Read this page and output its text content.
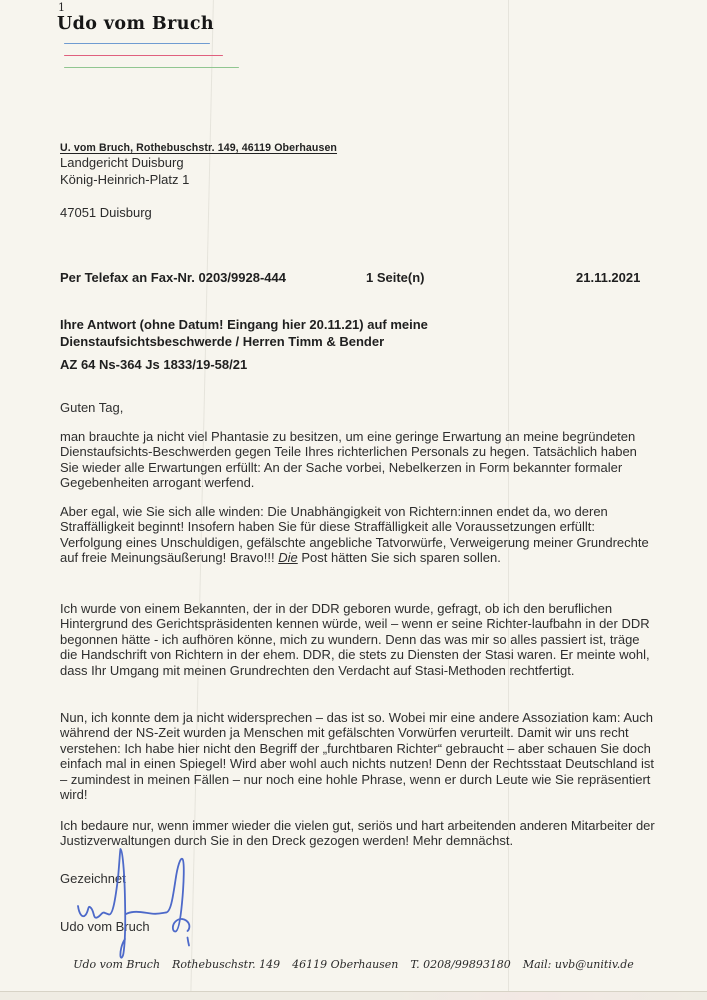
1
Udo vom Bruch
U. vom Bruch, Rothebuschstr. 149, 46119 Oberhausen
Landgericht Duisburg
König-Heinrich-Platz 1
47051 Duisburg
Per Telefax an Fax-Nr. 0203/9928-444	1 Seite(n)	21.11.2021
Ihre Antwort (ohne Datum! Eingang hier 20.11.21) auf meine
Dienstaufsichtsbeschwerde / Herren Timm & Bender
AZ 64 Ns-364 Js 1833/19-58/21
Guten Tag,

man brauchte ja nicht viel Phantasie zu besitzen, um eine geringe Erwartung an meine begründeten Dienstaufsichts-Beschwerden gegen Teile Ihres richterlichen Personals zu hegen. Tatsächlich haben Sie wieder alle Erwartungen erfüllt: An der Sache vorbei, Nebelkerzen in Form bekannter formaler Gegebenheiten arrogant werfend.

Aber egal, wie Sie sich alle winden: Die Unabhängigkeit von Richtern:innen endet da, wo deren Straffälligkeit beginnt! Insofern haben Sie für diese Straffälligkeit alle Voraussetzungen erfüllt: Verfolgung eines Unschuldigen, gefälschte angebliche Tatvorwürfe, Verweigerung meiner Grundrechte auf freie Meinungsäußerung! Bravo!!! Die Post hätten Sie sich sparen sollen.

Ich wurde von einem Bekannten, der in der DDR geboren wurde, gefragt, ob ich den beruflichen Hintergrund des Gerichtspräsidenten kennen würde, weil – wenn er seine Richter-laufbahn in der DDR begonnen hätte - ich aufhören könne, mich zu wundern. Denn das was mir so alles passiert ist, träge die Handschrift von Richtern in der ehem. DDR, die stets zu Diensten der Stasi waren. Er meinte wohl, dass Ihr Umgang mit meinen Grundrechten den Verdacht auf Stasi-Methoden rechtfertigt.

Nun, ich konnte dem ja nicht widersprechen – das ist so. Wobei mir eine andere Assoziation kam: Auch während der NS-Zeit wurden ja Menschen mit gefälschten Vorwürfen verurteilt. Damit wir uns recht verstehen: Ich habe hier nicht den Begriff der „furchtbaren Richter“ gebraucht – aber schauen Sie doch einfach mal in einen Spiegel! Wird aber wohl auch nichts nutzen! Denn der Rechtsstaat Deutschland ist – zumindest in meinen Fällen – nur noch eine hohle Phrase, wenn er durch Leute wie Sie repräsentiert wird!

Ich bedaure nur, wenn immer wieder die vielen gut, seriös und hart arbeitenden anderen Mitarbeiter der Justizverwaltungen durch Sie in den Dreck gezogen werden! Mehr demnächst.

Gezeichnet
Udo vom Bruch
Udo vom Bruch Rothebuschstr. 149 46119 Oberhausen T. 0208/99893180 Mail: uvb@unitiv.de
